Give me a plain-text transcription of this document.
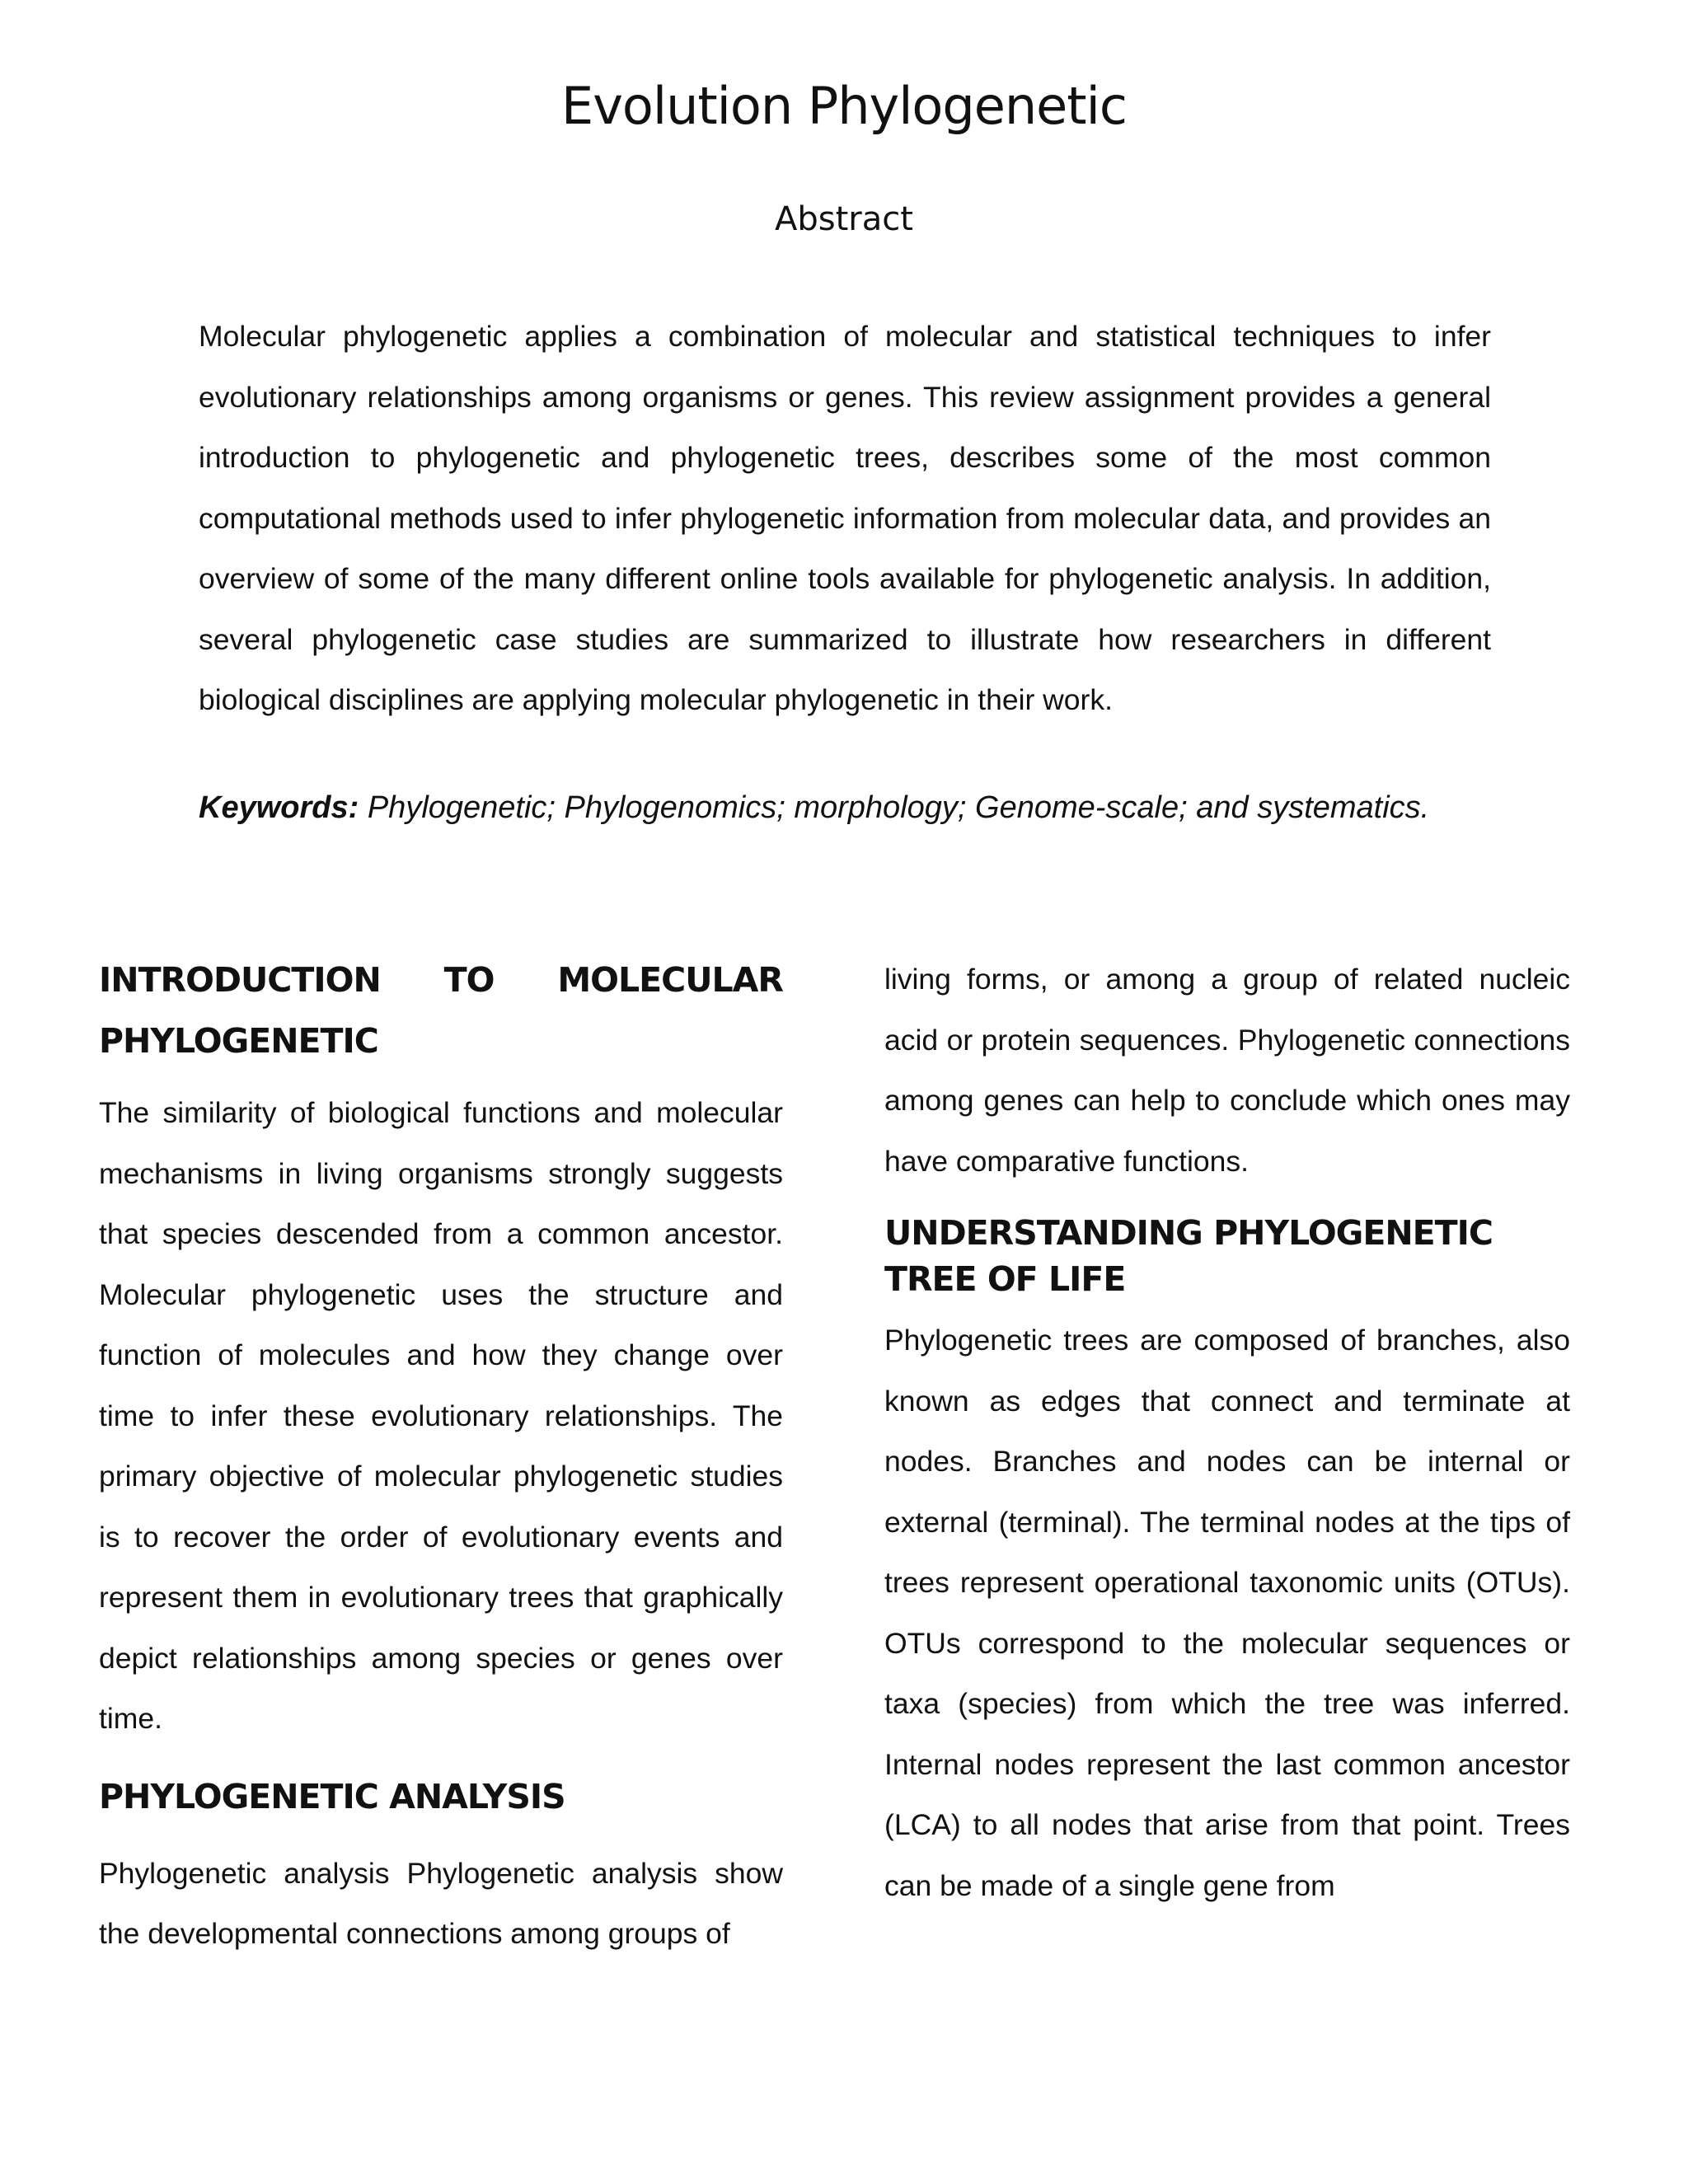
Evolution Phylogenetic
Abstract

Molecular phylogenetic applies a combination of molecular and statistical techniques to infer evolutionary relationships among organisms or genes. This review assignment provides a general introduction to phylogenetic and phylogenetic trees, describes some of the most common computational methods used to infer phylogenetic information from molecular data, and provides an overview of some of the many different online tools available for phylogenetic analysis. In addition, several phylogenetic case studies are summarized to illustrate how researchers in different biological disciplines are applying molecular phylogenetic in their work.

Keywords: Phylogenetic; Phylogenomics; morphology; Genome-scale; and systematics.

INTRODUCTION TO MOLECULAR
PHYLOGENETIC

The similarity of biological functions and molecular mechanisms in living organisms strongly suggests that species descended from a common ancestor. Molecular phylogenetic uses the structure and function of molecules and how they change over time to infer these evolutionary relationships. The primary objective of molecular phylogenetic studies is to recover the order of evolutionary events and represent them in evolutionary trees that graphically depict relationships among species or genes over time.

PHYLOGENETIC ANALYSIS

Phylogenetic analysis Phylogenetic analysis show the developmental connections among groups of

living forms, or among a group of related nucleic acid or protein sequences. Phylogenetic connections among genes can help to conclude which ones may have comparative functions.

UNDERSTANDING PHYLOGENETIC TREE OF LIFE

Phylogenetic trees are composed of branches, also known as edges that connect and terminate at nodes. Branches and nodes can be internal or external (terminal). The terminal nodes at the tips of trees represent operational taxonomic units (OTUs). OTUs correspond to the molecular sequences or taxa (species) from which the tree was inferred. Internal nodes represent the last common ancestor (LCA) to all nodes that arise from that point. Trees can be made of a single gene from
